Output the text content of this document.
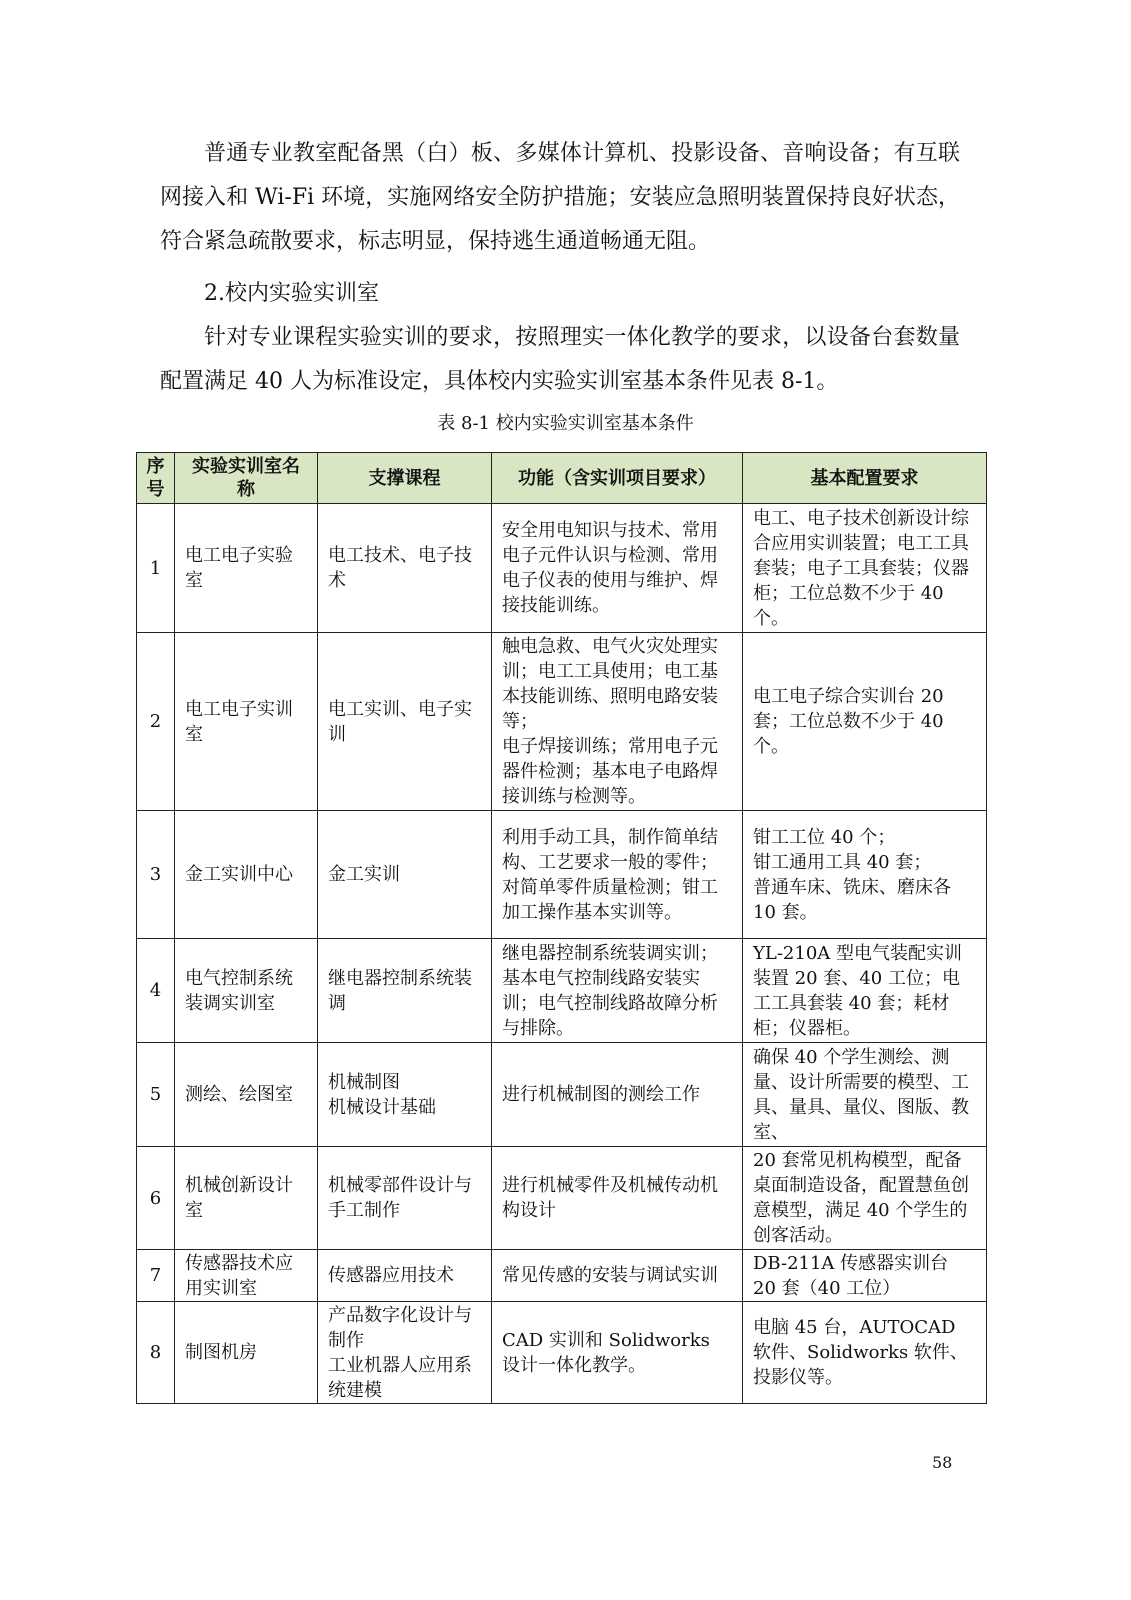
普通专业教室配备黑（白）板、多媒体计算机、投影设备、音响设备；有互联网接入和 Wi-Fi 环境，实施网络安全防护措施；安装应急照明装置保持良好状态，符合紧急疏散要求，标志明显，保持逃生通道畅通无阻。

2.校内实验实训室

针对专业课程实验实训的要求，按照理实一体化教学的要求，以设备台套数量配置满足 40 人为标准设定，具体校内实验实训室基本条件见表 8-1。

表 8-1 校内实验实训室基本条件

序号	实验实训室名称	支撑课程	功能（含实训项目要求）	基本配置要求
1	电工电子实验室	电工技术、电子技术	安全用电知识与技术、常用电子元件认识与检测、常用电子仪表的使用与维护、焊接技能训练。	电工、电子技术创新设计综合应用实训装置；电工工具套装；电子工具套装；仪器柜；工位总数不少于 40 个。
2	电工电子实训室	电工实训、电子实训	触电急救、电气火灾处理实训；电工工具使用；电工基本技能训练、照明电路安装等；
电子焊接训练；常用电子元器件检测；基本电子电路焊接训练与检测等。	电工电子综合实训台 20 套；工位总数不少于 40 个。
3	金工实训中心	金工实训	利用手动工具，制作简单结构、工艺要求一般的零件；对简单零件质量检测；钳工加工操作基本实训等。	钳工工位 40 个；
钳工通用工具 40 套；
普通车床、铣床、磨床各 10 套。
4	电气控制系统装调实训室	继电器控制系统装调	继电器控制系统装调实训；基本电气控制线路安装实训；电气控制线路故障分析与排除。	YL-210A 型电气装配实训装置 20 套、40 工位；电工工具套装 40 套；耗材柜；仪器柜。
5	测绘、绘图室	机械制图
机械设计基础	进行机械制图的测绘工作	确保 40 个学生测绘、测量、设计所需要的模型、工具、量具、量仪、图版、教室、
6	机械创新设计室	机械零部件设计与手工制作	进行机械零件及机械传动机构设计	20 套常见机构模型，配备桌面制造设备，配置慧鱼创意模型，满足 40 个学生的创客活动。
7	传感器技术应用实训室	传感器应用技术	常见传感的安装与调试实训	DB-211A 传感器实训台 20 套（40 工位）
8	制图机房	产品数字化设计与制作
工业机器人应用系统建模	CAD 实训和 Solidworks 设计一体化教学。	电脑 45 台，AUTOCAD 软件、Solidworks 软件、投影仪等。

58
